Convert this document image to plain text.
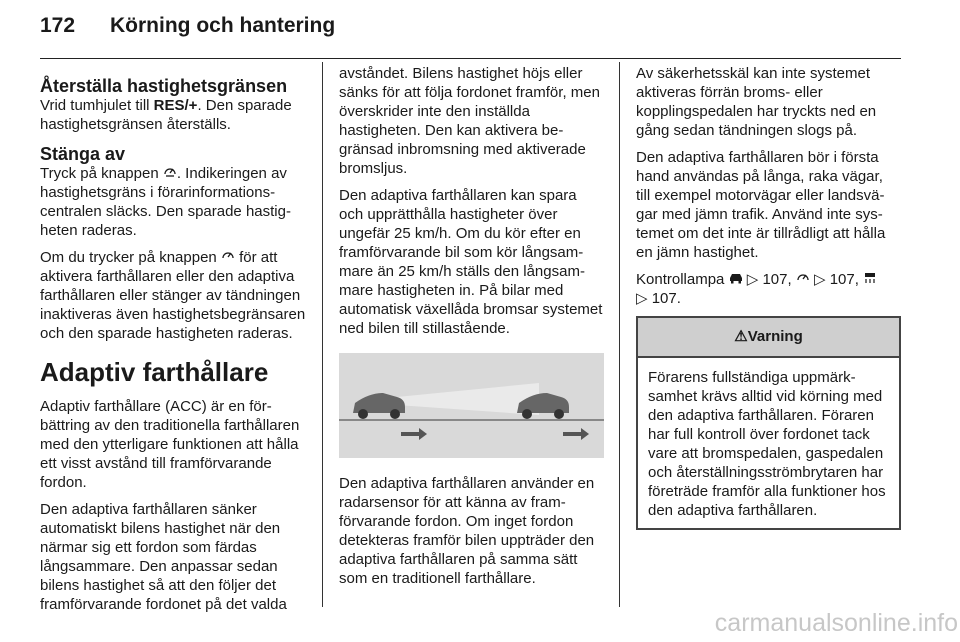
172 Körning och hantering
Återställa hastighetsgränsen

Vrid tumhjulet till RES/+. Den sparade hastighetsgränsen återställs.

Stänga av

Tryck på knappen . Indikeringen av hastighetsgräns i förarinformationscentralen släcks. Den sparade hastigheten raderas.

Om du trycker på knappen  för att aktivera farthållaren eller den adaptiva farthållaren eller stänger av tändningen inaktiveras även hastighetsbegränsaren och den sparade hastigheten raderas.

Adaptiv farthållare

Adaptiv farthållare (ACC) är en förbättring av den traditionella farthållaren med den ytterligare funktionen att hålla ett visst avstånd till framförvarande fordon.

Den adaptiva farthållaren sänker automatiskt bilens hastighet när den närmar sig ett fordon som färdas långsammare. Den anpassar sedan bilens hastighet så att den följer det framförvarande fordonet på det valda

avståndet. Bilens hastighet höjs eller sänks för att följa fordonet framför, men överskrider inte den inställda hastigheten. Den kan aktivera begränsad inbromsning med aktiverade bromsljus.

Den adaptiva farthållaren kan spara och upprätthålla hastigheter över ungefär 25 km/h. Om du kör efter en framförvarande bil som kör långsammare än 25 km/h ställs den långsammare hastigheten in. På bilar med automatisk växellåda bromsar systemet ned bilen till stillastående.

Den adaptiva farthållaren använder en radarsensor för att känna av framförvarande fordon. Om inget fordon detekteras framför bilen uppträder den adaptiva farthållaren på samma sätt som en traditionell farthållare.

Av säkerhetsskäl kan inte systemet aktiveras förrän broms- eller kopplingspedalen har tryckts ned en gång sedan tändningen slogs på.

Den adaptiva farthållaren bör i första hand användas på långa, raka vägar, till exempel motorvägar eller landsvägar med jämn trafik. Använd inte systemet om det inte är tillrådligt att hålla en jämn hastighet.

Kontrollampa  ▷ 107,  ▷ 107,
▷ 107.

⚠Varning
Förarens fullständiga uppmärksamhet krävs alltid vid körning med den adaptiva farthållaren. Föraren har full kontroll över fordonet tack vare att bromspedalen, gaspedalen och återställningsströmbrytaren har företräde framför alla funktioner hos den adaptiva farthållaren.
carmanualsonline.info
